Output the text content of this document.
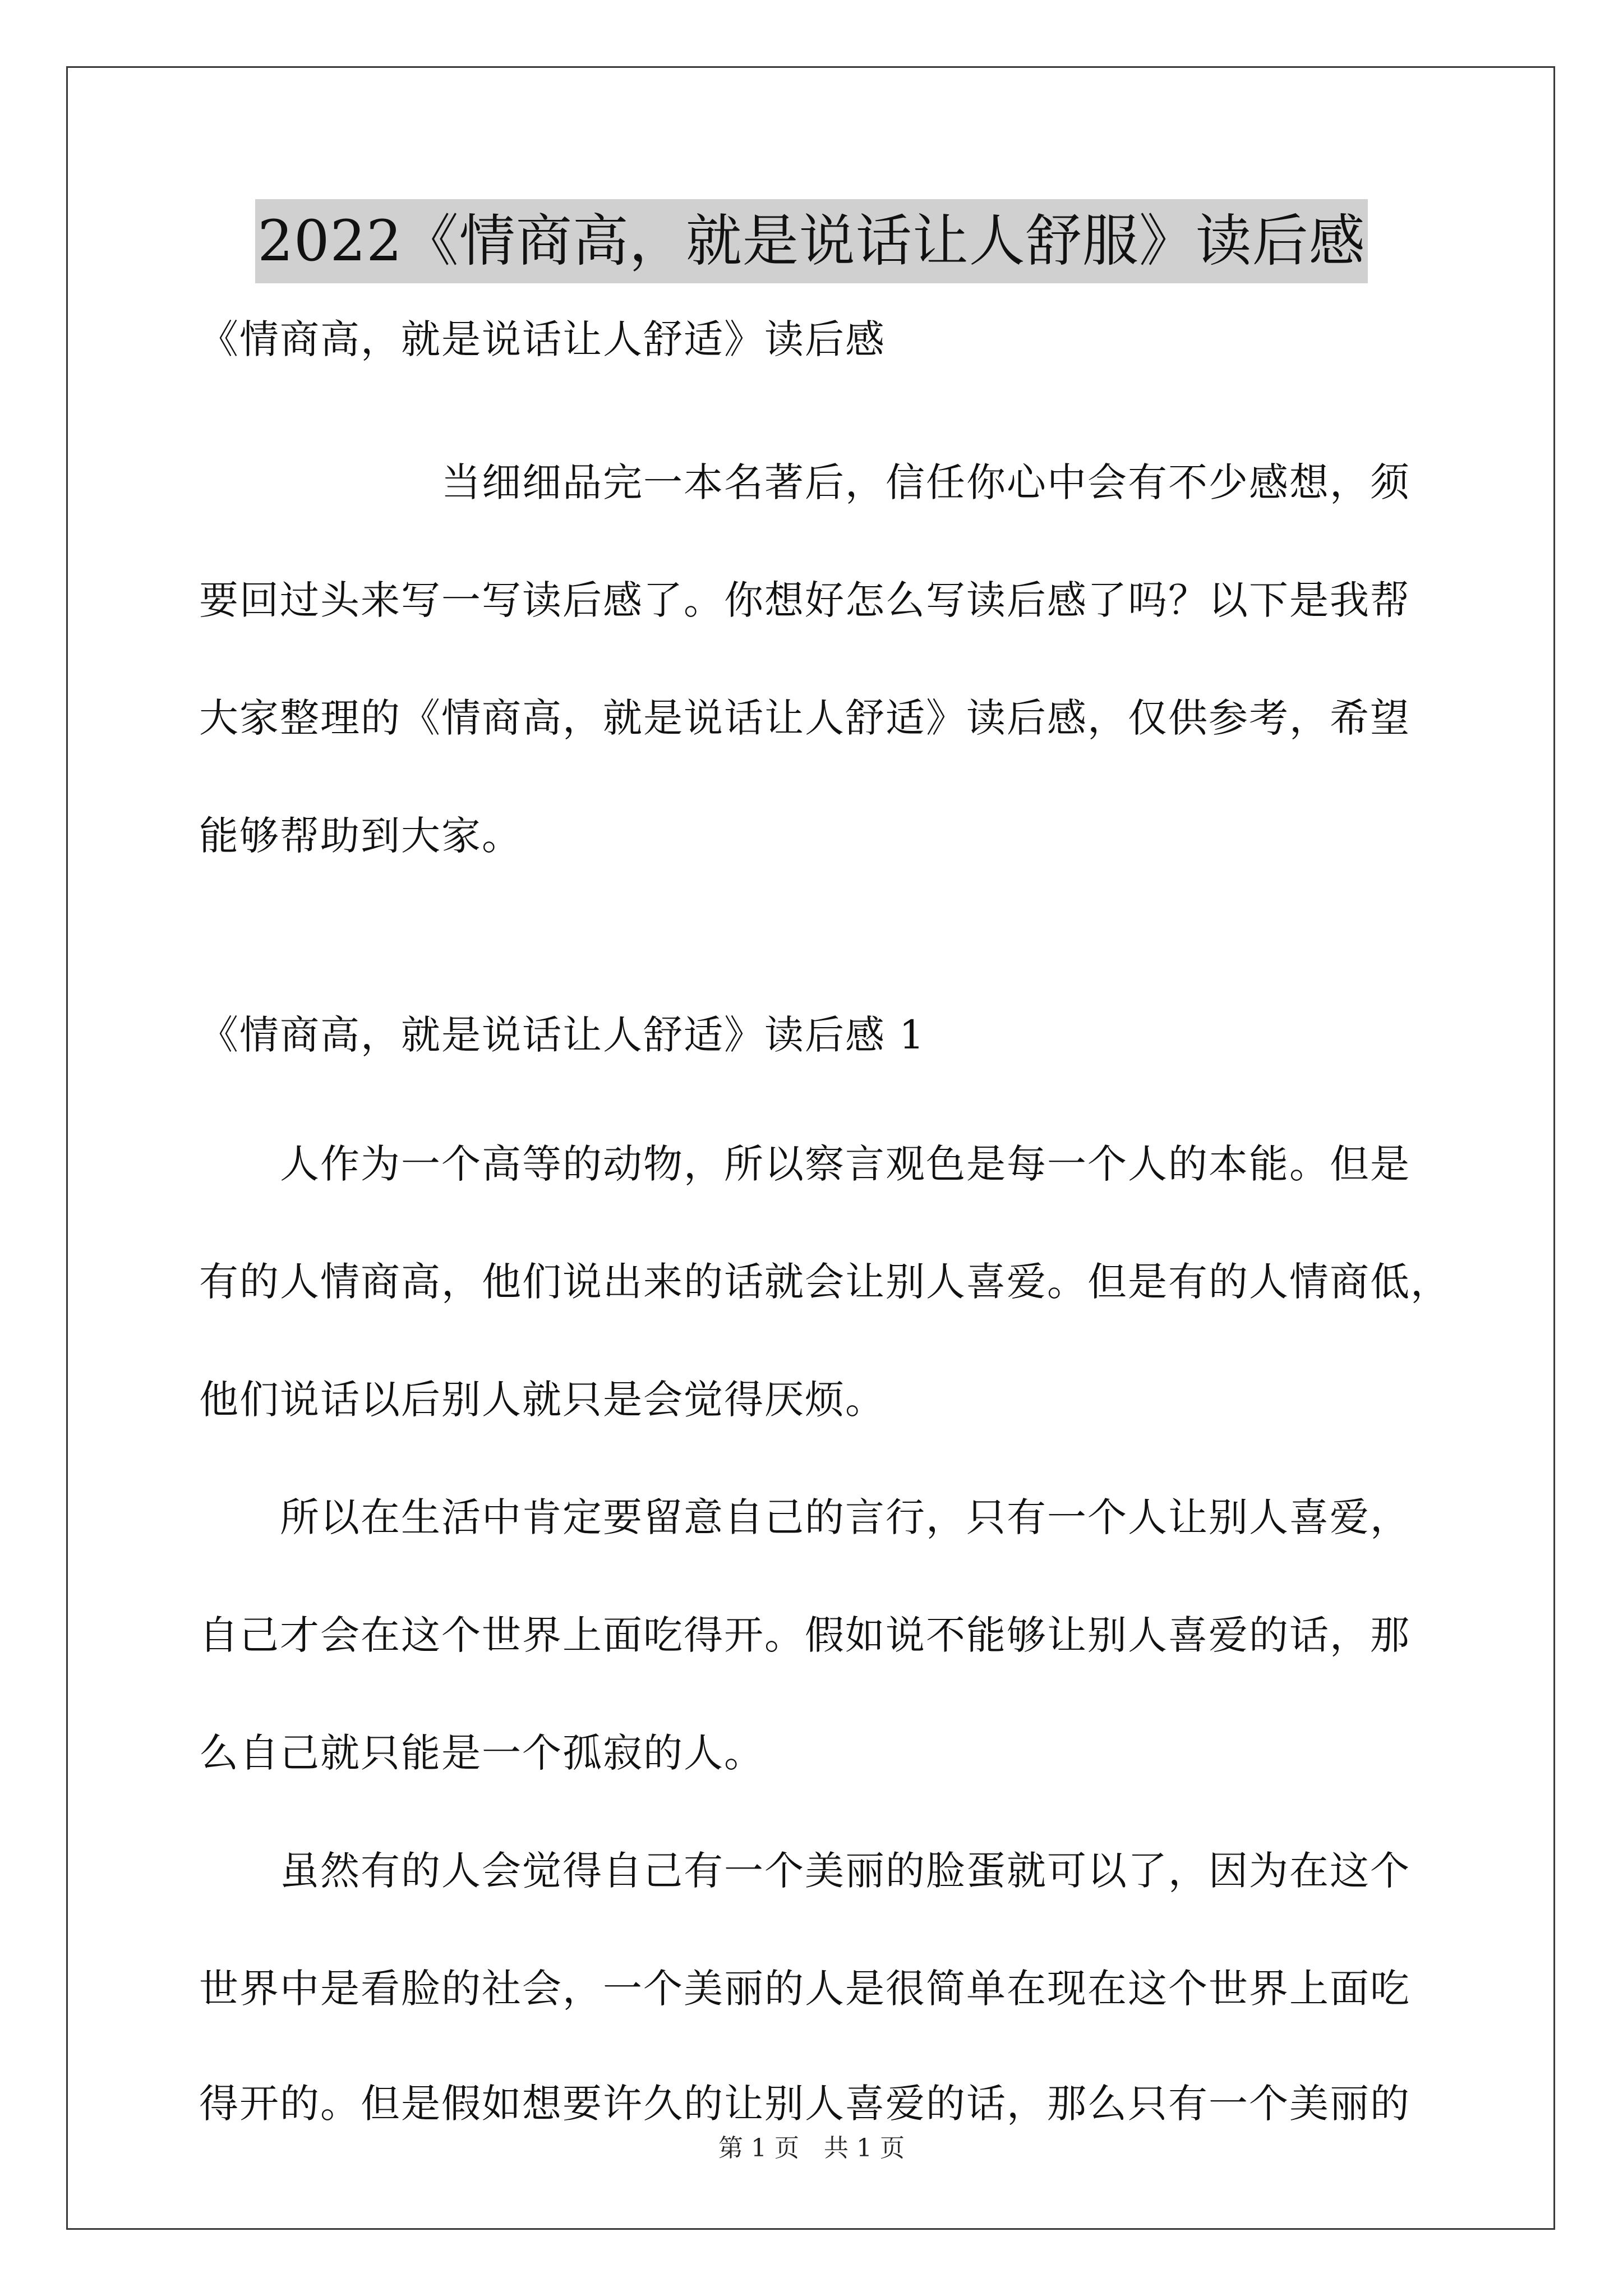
2022《情商高，就是说话让人舒服》读后感
《情商高，就是说话让人舒适》读后感
　　　　　　当细细品完一本名著后，信任你心中会有不少感想，须
要回过头来写一写读后感了。你想好怎么写读后感了吗？以下是我帮
大家整理的《情商高，就是说话让人舒适》读后感，仅供参考，希望
能够帮助到大家。
《情商高，就是说话让人舒适》读后感 1
　　人作为一个高等的动物，所以察言观色是每一个人的本能。但是
有的人情商高，他们说出来的话就会让别人喜爱。但是有的人情商低，
他们说话以后别人就只是会觉得厌烦。
　　所以在生活中肯定要留意自己的言行，只有一个人让别人喜爱，
自己才会在这个世界上面吃得开。假如说不能够让别人喜爱的话，那
么自己就只能是一个孤寂的人。
　　虽然有的人会觉得自己有一个美丽的脸蛋就可以了，因为在这个
世界中是看脸的社会，一个美丽的人是很简单在现在这个世界上面吃
得开的。但是假如想要许久的让别人喜爱的话，那么只有一个美丽的
第 1 页　共 1 页
